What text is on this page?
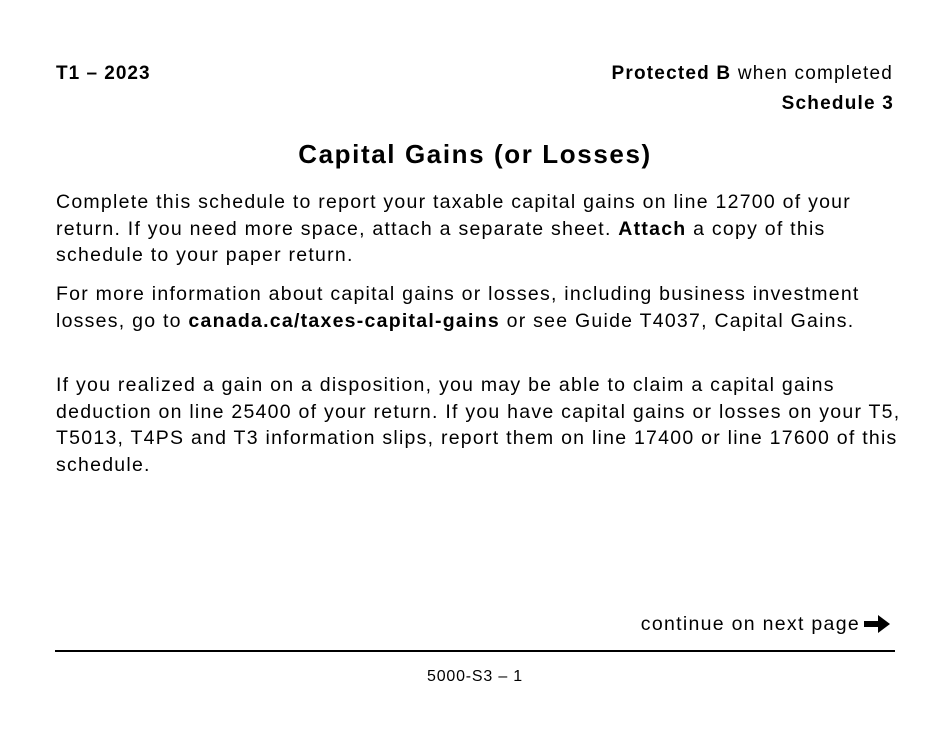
T1 – 2023	Protected B when completed
Schedule 3
Capital Gains (or Losses)

Complete this schedule to report your taxable capital gains on line 12700 of your return. If you need more space, attach a separate sheet. Attach a copy of this schedule to your paper return.

For more information about capital gains or losses, including business investment losses, go to canada.ca/taxes-capital-gains or see Guide T4037, Capital Gains.

If you realized a gain on a disposition, you may be able to claim a capital gains deduction on line 25400 of your return. If you have capital gains or losses on your T5, T5013, T4PS and T3 information slips, report them on line 17400 or line 17600 of this schedule.

continue on next page
5000-S3 – 1
